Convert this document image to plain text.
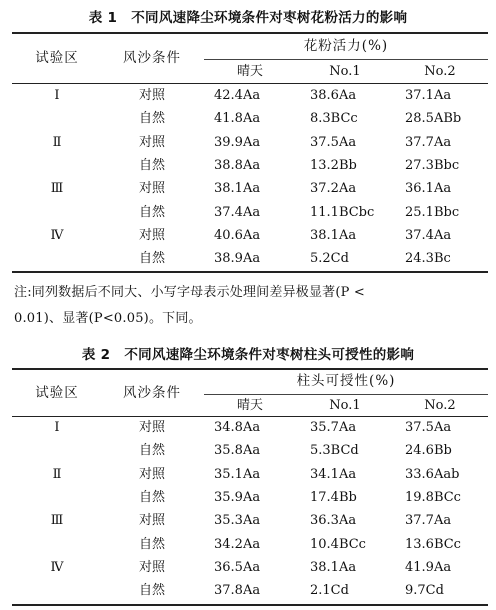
表 1 不同风速降尘环境条件对枣树花粉活力的影响
试验区	风沙条件
花粉活力(%)
晴天	No.1	No.2
Ⅰ	对照	42.4Aa	38.6Aa	37.1Aa
自然	41.8Aa	8.3BCc	28.5ABb
Ⅱ	对照	39.9Aa	37.5Aa	37.7Aa
自然	38.8Aa	13.2Bb	27.3Bbc
Ⅲ	对照	38.1Aa	37.2Aa	36.1Aa
自然	37.4Aa	11.1BCbc	25.1Bbc
Ⅳ	对照	40.6Aa	38.1Aa	37.4Aa
自然	38.9Aa	5.2Cd	24.3Bc
注:同列数据后不同大、小写字母表示处理间差异极显著(P <
0.01)、显著(P<0.05)。下同。
表 2 不同风速降尘环境条件对枣树柱头可授性的影响
试验区	风沙条件
柱头可授性(%)
晴天	No.1	No.2
Ⅰ	对照	34.8Aa	35.7Aa	37.5Aa
自然	35.8Aa	5.3BCd	24.6Bb
Ⅱ	对照	35.1Aa	34.1Aa	33.6Aab
自然	35.9Aa	17.4Bb	19.8BCc
Ⅲ	对照	35.3Aa	36.3Aa	37.7Aa
自然	34.2Aa	10.4BCc	13.6BCc
Ⅳ	对照	36.5Aa	38.1Aa	41.9Aa
自然	37.8Aa	2.1Cd	9.7Cd
